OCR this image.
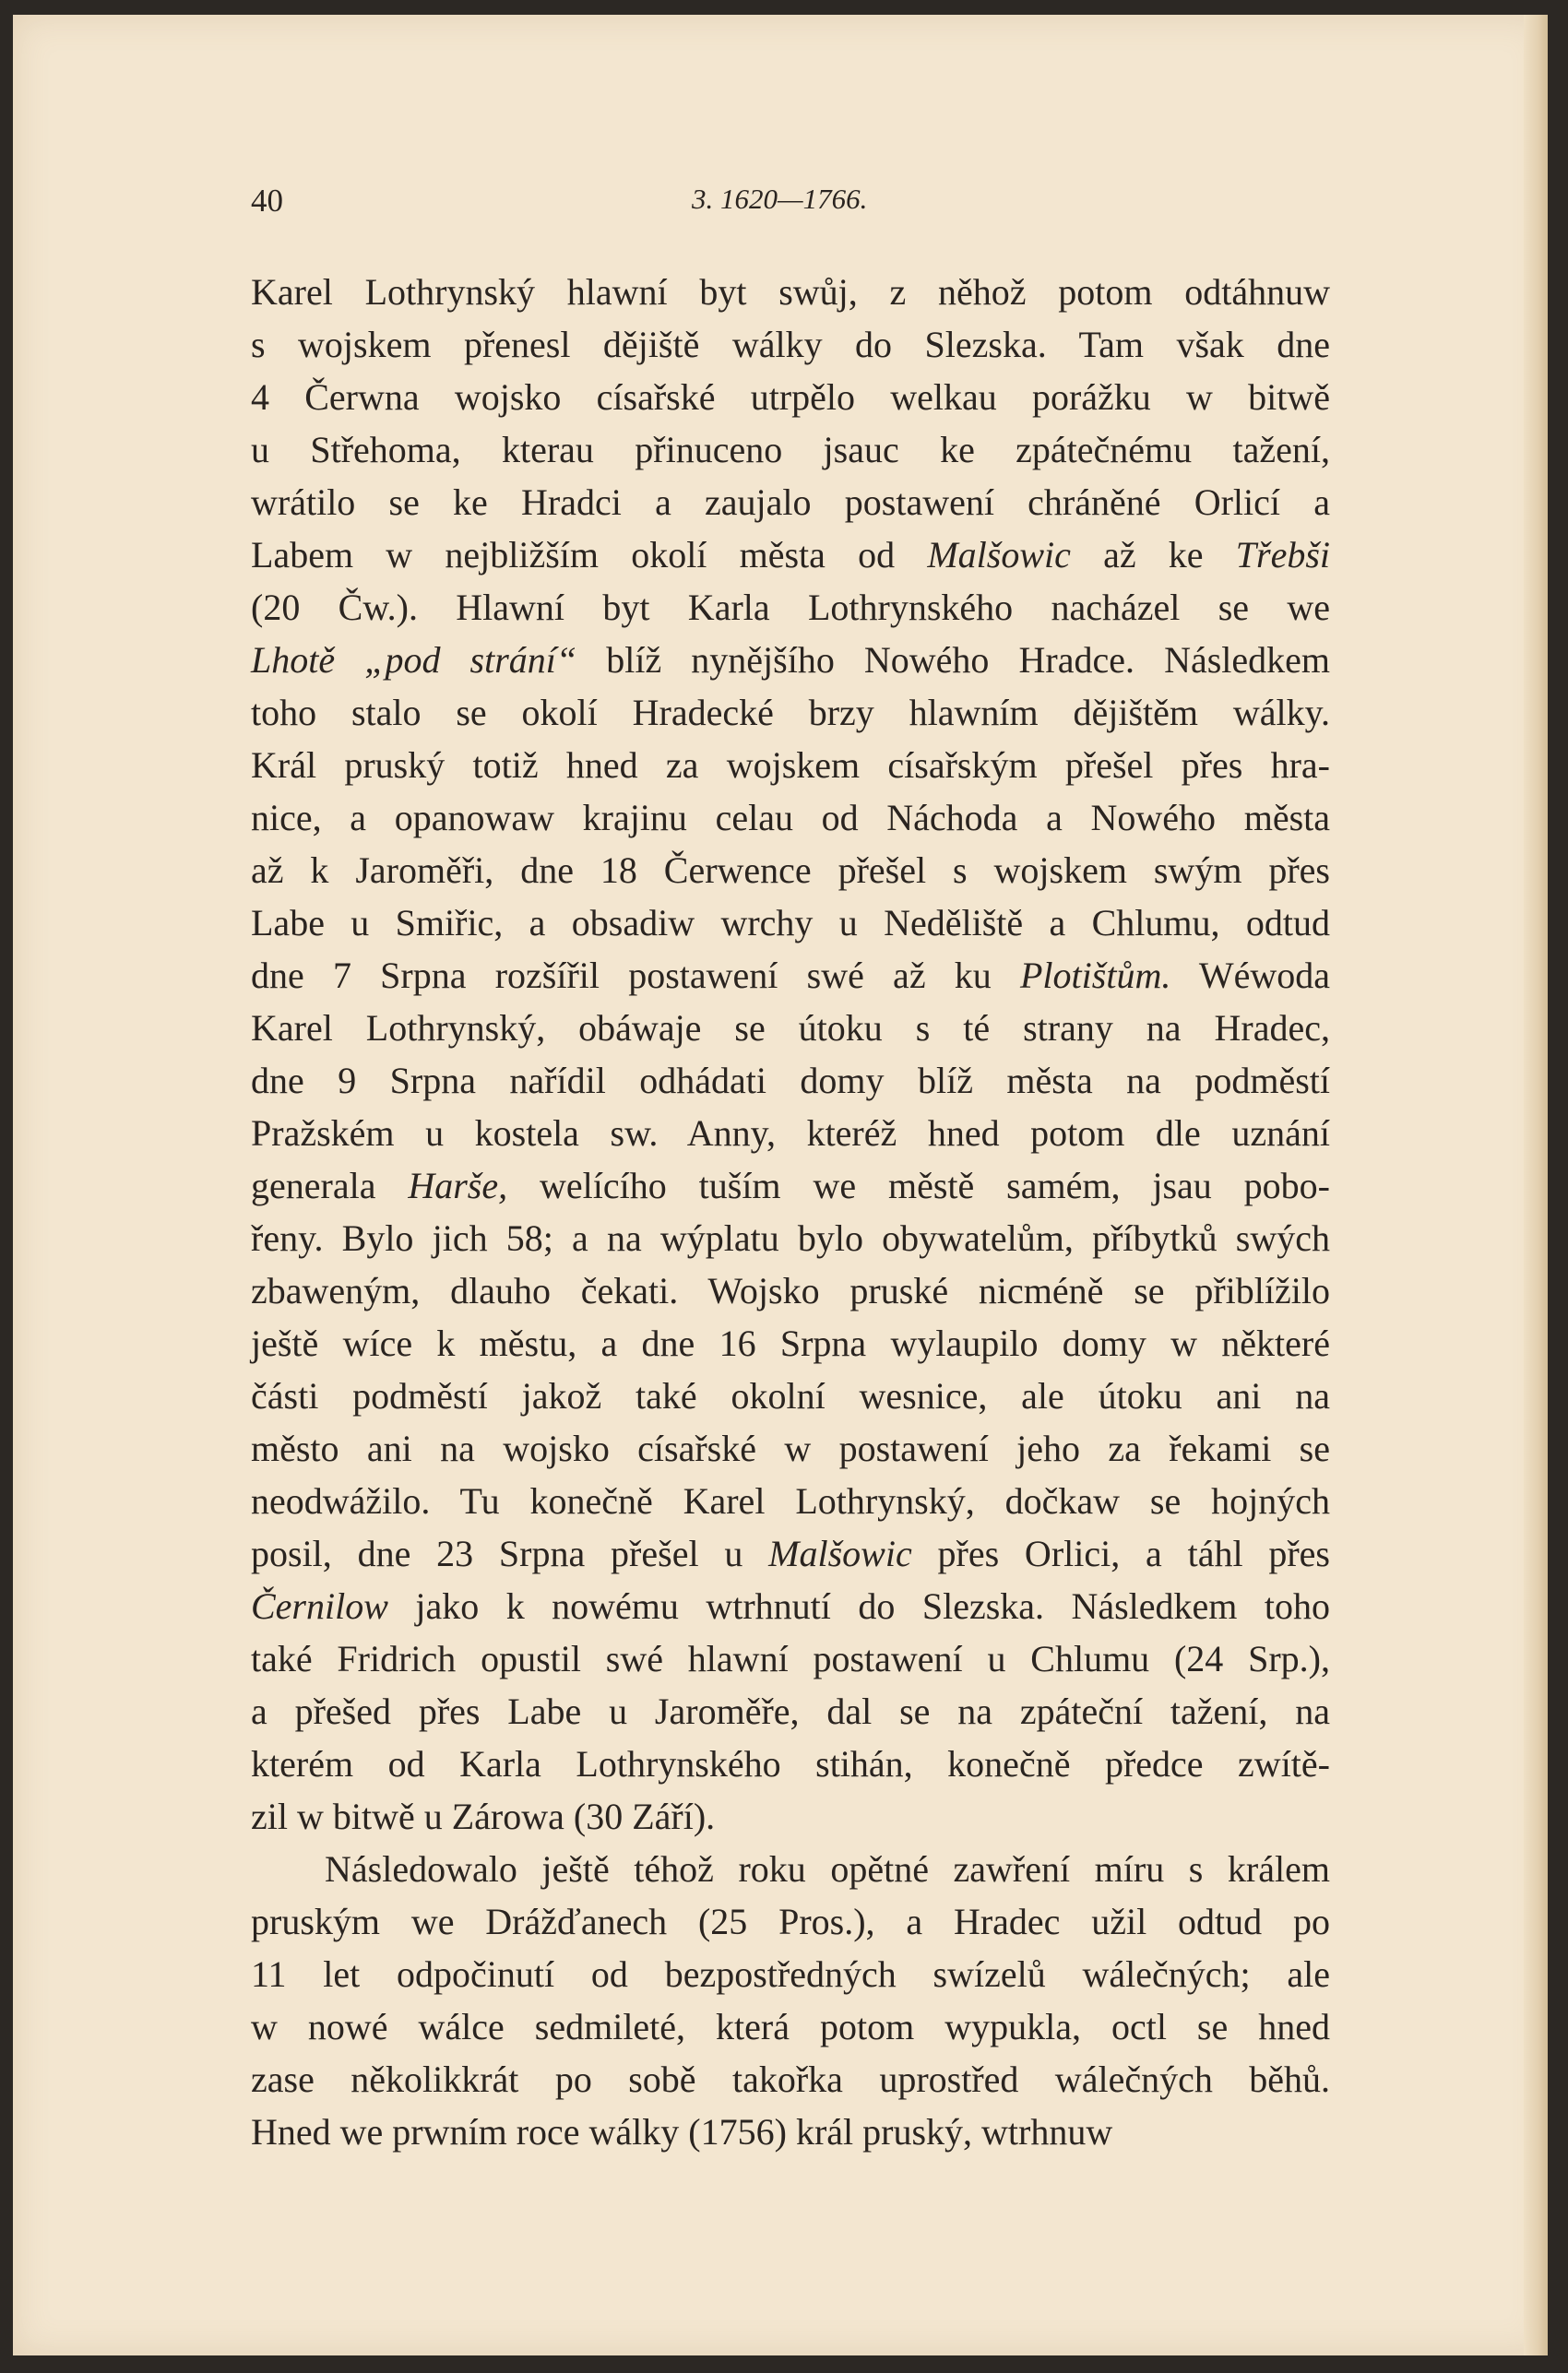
40	3. 1620—1766.
Karel Lothrynský hlawní byt swůj, z něhož potom odtáhnuw
s wojskem přenesl dějiště wálky do Slezska. Tam však dne
4 Čerwna wojsko císařské utrpělo welkau porážku w bitwě
u Střehoma, kterau přinuceno jsauc ke zpátečnému tažení,
wrátilo se ke Hradci a zaujalo postawení chráněné Orlicí a
Labem w nejbližším okolí města od Malšowic až ke Třebši
(20 Čw.). Hlawní byt Karla Lothrynského nacházel se we
Lhotě „pod strání“ blíž nynějšího Nowého Hradce. Následkem
toho stalo se okolí Hradecké brzy hlawním dějištěm wálky.
Král pruský totiž hned za wojskem císařským přešel přes hra-
nice, a opanowaw krajinu celau od Náchoda a Nowého města
až k Jaroměři, dne 18 Čerwence přešel s wojskem swým přes
Labe u Smiřic, a obsadiw wrchy u Neděliště a Chlumu, odtud
dne 7 Srpna rozšířil postawení swé až ku Plotištům. Wéwoda
Karel Lothrynský, obáwaje se útoku s té strany na Hradec,
dne 9 Srpna nařídil odhádati domy blíž města na podměstí
Pražském u kostela sw. Anny, kteréž hned potom dle uznání
generala Harše, welícího tuším we městě samém, jsau pobo-
řeny. Bylo jich 58; a na wýplatu bylo obywatelům, příbytků swých
zbaweným, dlauho čekati. Wojsko pruské nicméně se přiblížilo
ještě wíce k městu, a dne 16 Srpna wylaupilo domy w některé
části podměstí jakož také okolní wesnice, ale útoku ani na
město ani na wojsko císařské w postawení jeho za řekami se
neodwážilo. Tu konečně Karel Lothrynský, dočkaw se hojných
posil, dne 23 Srpna přešel u Malšowic přes Orlici, a táhl přes
Černilow jako k nowému wtrhnutí do Slezska. Následkem toho
také Fridrich opustil swé hlawní postawení u Chlumu (24 Srp.),
a přešed přes Labe u Jaroměře, dal se na zpáteční tažení, na
kterém od Karla Lothrynského stihán, konečně předce zwítě-
zil w bitwě u Zárowa (30 Září).
Následowalo ještě téhož roku opětné zawření míru s králem
pruským we Drážďanech (25 Pros.), a Hradec užil odtud po
11 let odpočinutí od bezpostředných swízelů wálečných; ale
w nowé wálce sedmileté, která potom wypukla, octl se hned
zase několikkrát po sobě takořka uprostřed wálečných běhů.
Hned we prwním roce wálky (1756) král pruský, wtrhnuw
